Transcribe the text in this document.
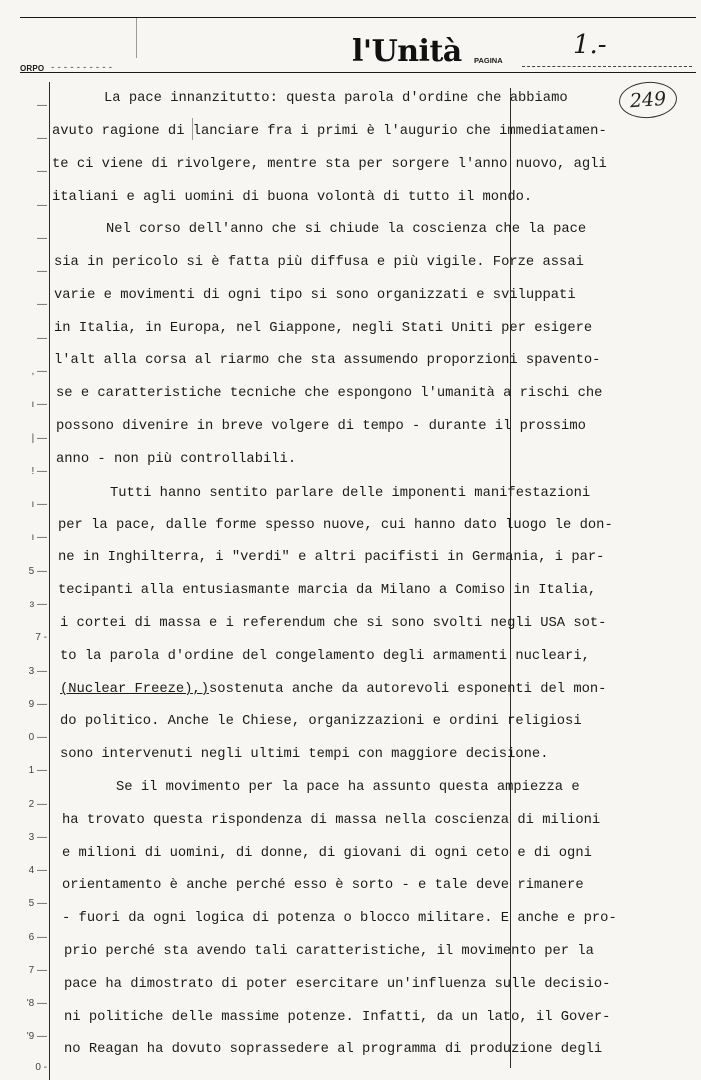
ORPO ----------	l'Unità PAGINA
1.-
249
—
—
—
—
—
—
—
—
, —
ı —
| —
! —
ı —
ı —
5 —
ɜ —
7 -
3 —
9 —
0 —
1 —
2 —
3 —
4 —
5 —
6 —
7 —
'8 —
'9 —
0 -
La pace innanzitutto: questa parola d'ordine che abbiamo
avuto ragione di lanciare fra i primi è l'augurio che immediatamen-
te ci viene di rivolgere, mentre sta per sorgere l'anno nuovo, agli
italiani e agli uomini di buona volontà di tutto il mondo.
Nel corso dell'anno che si chiude la coscienza che la pace
sia in pericolo si è fatta più diffusa e più vigile. Forze assai
varie e movimenti di ogni tipo si sono organizzati e sviluppati
in Italia, in Europa, nel Giappone, negli Stati Uniti per esigere
l'alt alla corsa al riarmo che sta assumendo proporzioni spavento-
se e caratteristiche tecniche che espongono l'umanità a rischi che
possono divenire in breve volgere di tempo - durante il prossimo
anno - non più controllabili.
Tutti hanno sentito parlare delle imponenti manifestazioni
per la pace, dalle forme spesso nuove, cui hanno dato luogo le don-
ne in Inghilterra, i "verdi" e altri pacifisti in Germania, i par-
tecipanti alla entusiasmante marcia da Milano a Comiso in Italia,
i cortei di massa e i referendum che si sono svolti negli USA sot-
to la parola d'ordine del congelamento degli armamenti nucleari,
(Nuclear Freeze),)sostenuta anche da autorevoli esponenti del mon-
do politico. Anche le Chiese, organizzazioni e ordini religiosi
sono intervenuti negli ultimi tempi con maggiore decisione.
Se il movimento per la pace ha assunto questa ampiezza e
ha trovato questa rispondenza di massa nella coscienza di milioni
e milioni di uomini, di donne, di giovani di ogni ceto e di ogni
orientamento è anche perché esso è sorto - e tale deve rimanere
- fuori da ogni logica di potenza o blocco militare. E anche e pro-
prio perché sta avendo tali caratteristiche, il movimento per la
pace ha dimostrato di poter esercitare un'influenza sulle decisio-
ni politiche delle massime potenze. Infatti, da un lato, il Gover-
no Reagan ha dovuto soprassedere al programma di produzione degli
